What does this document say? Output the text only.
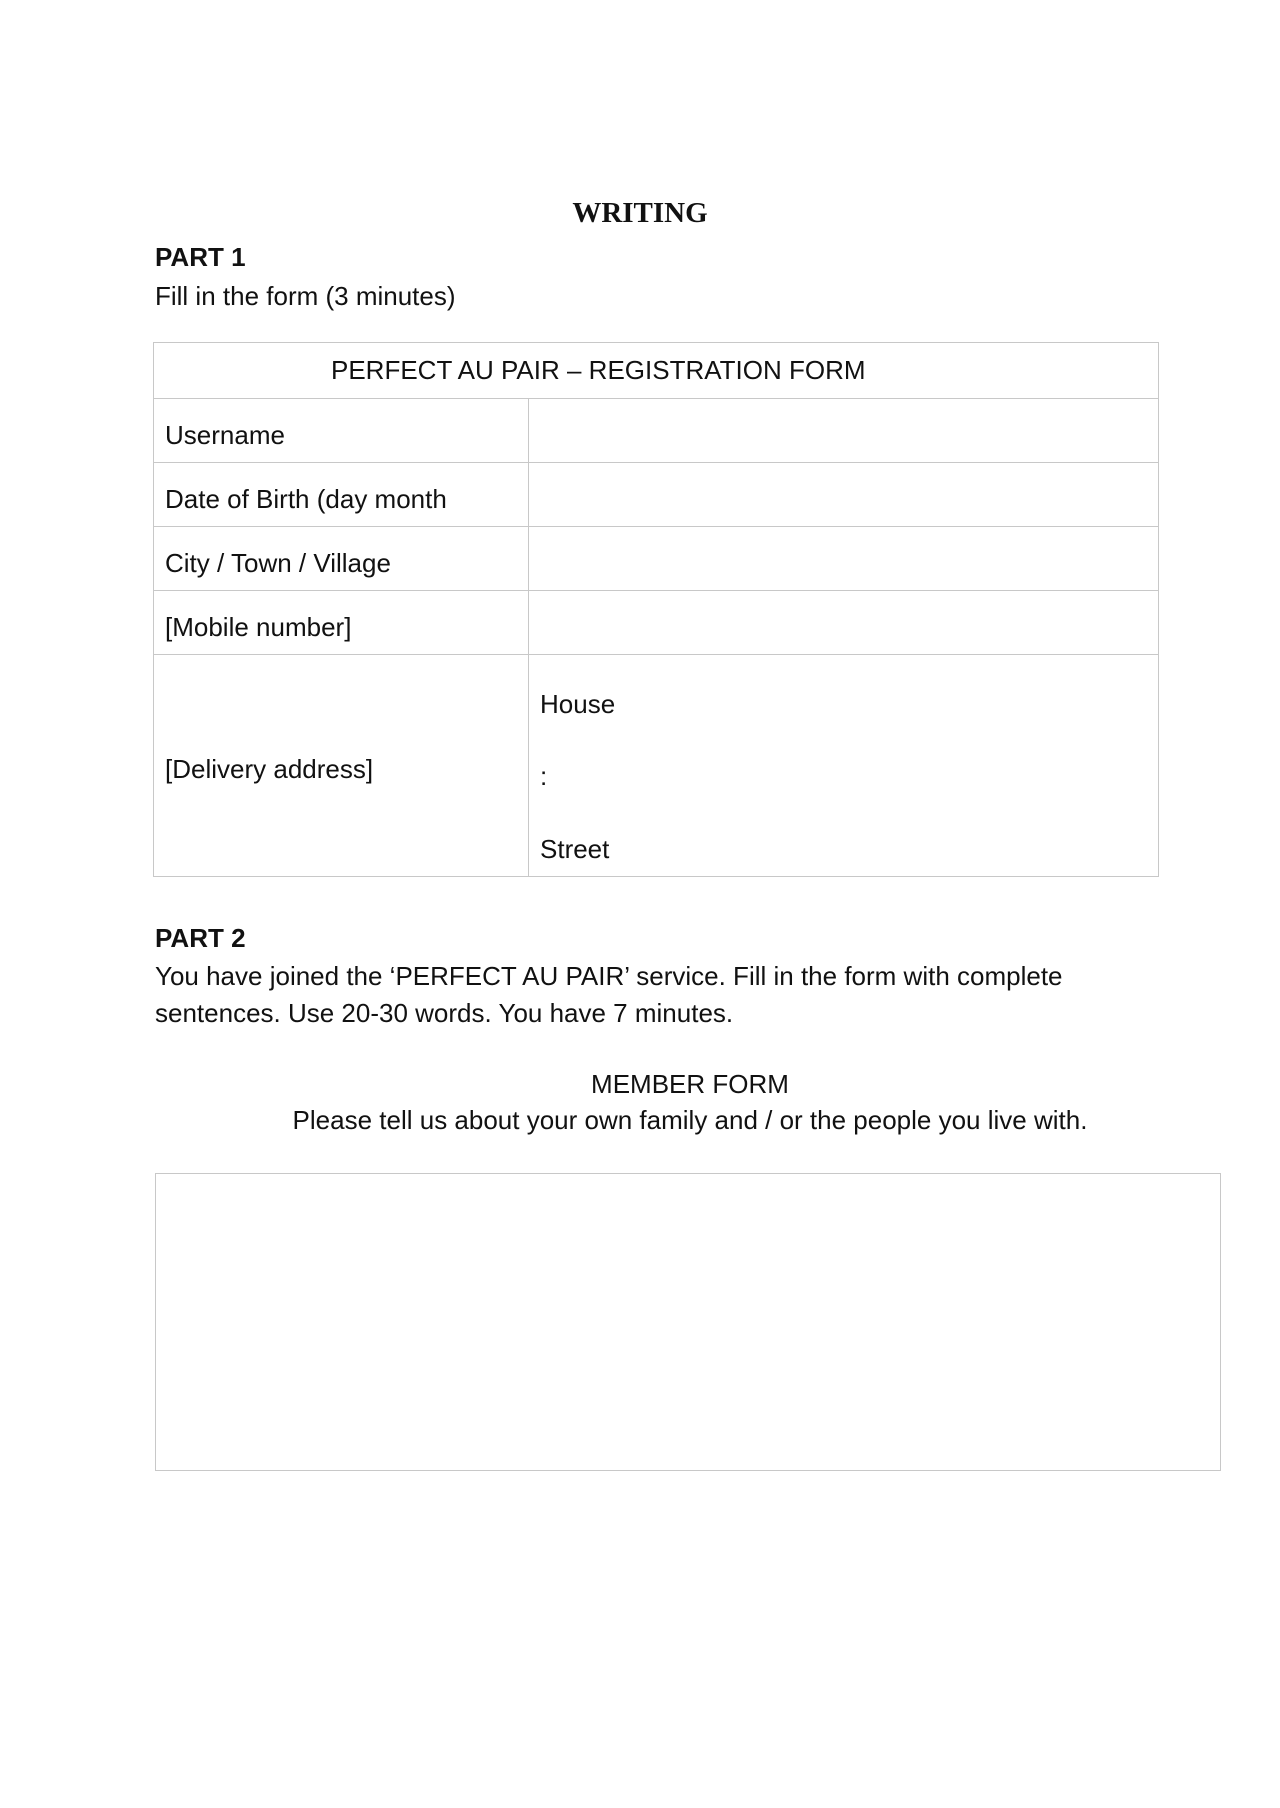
WRITING
PART 1
Fill in the form (3 minutes)
PERFECT AU PAIR – REGISTRATION FORM
Username
Date of Birth (day month
City / Town / Village
[Mobile number]
[Delivery address]
House
:
Street
PART 2
You have joined the ‘PERFECT AU PAIR’ service. Fill in the form with complete
sentences. Use 20-30 words. You have 7 minutes.
MEMBER FORM
Please tell us about your own family and / or the people you live with.
